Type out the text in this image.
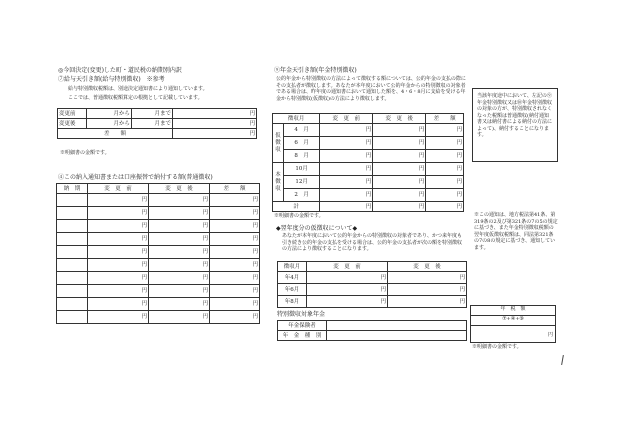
◎今回決定(変更)した町・道民税の納期別内訳
⑦給与天引き額(給与特別徴収)　※参考
給与特別徴収税額は、別途決定通知書により通知しています。
ここでは、普通徴収税額算定の根拠として記載しています。
変更前	月から	月まで	円
変更後	月から	月まで	円
差　　額			円
※明細書の金額です。
④この納入通知書または口座振替で納付する額(普通徴収)
納　期	変　更　前	変　更　後	差　　額
	円	円	円
	円	円	円
	円	円	円
	円	円	円
	円	円	円
	円	円	円
	円	円	円
	円	円	円
	円	円	円
	円	円	円
⑨年金天引き額(年金特別徴収)
公的年金から特別徴収の方法によって徴収する額については、公的年金の支払の際にその支払者が徴収します。あなたが本年度において公的年金からの特別徴収の対象者である場合は、昨年度の通知書において通知した額を、4・6・8月に支給を受ける年金から特別徴収(仮徴収)の方法により徴収します。
徴収月		変　更　前	変　更　後	差　　額
仮徴収	4　月	円	円	円
	6　月	円	円	円
	8　月	円	円	円
本徴収	10月	円	円	円
	12月	円	円	円
	2　月	円	円	円
計		円	円	円
※明細書の金額です。
◆翌年度分の仮徴収について◆
あなたが本年度において公的年金からの特別徴収の対象者であり、かつ来年度も引き続き公的年金の支払を受ける場合は、公的年金の支払者が次の額を特別徴収の方法により徴収することになります。
徴収月	変　更　前	変　更　後
年4月	円	円
年6月	円	円
年8月	円	円
特別徴収対象年金
年金保険者	
年　金　種　別	
当該年度途中において、左記の⑨年金特別徴収又は⑩年金特別徴収の対象の方が、特別徴収されなくなった税額は普通徴収(納付通知書又は納付書による納付の方法によって)、納付することになります。
※この通知は、地方税法第41条、第319条の2及び第321条の7の5の規定に基づき、また年金特別徴収税額の翌年度仮徴収税額は、同法第321条の7の8の規定に基づき、通知しています。
年　税　額
⑦+④+⑨
円
※明細書の金額です。
